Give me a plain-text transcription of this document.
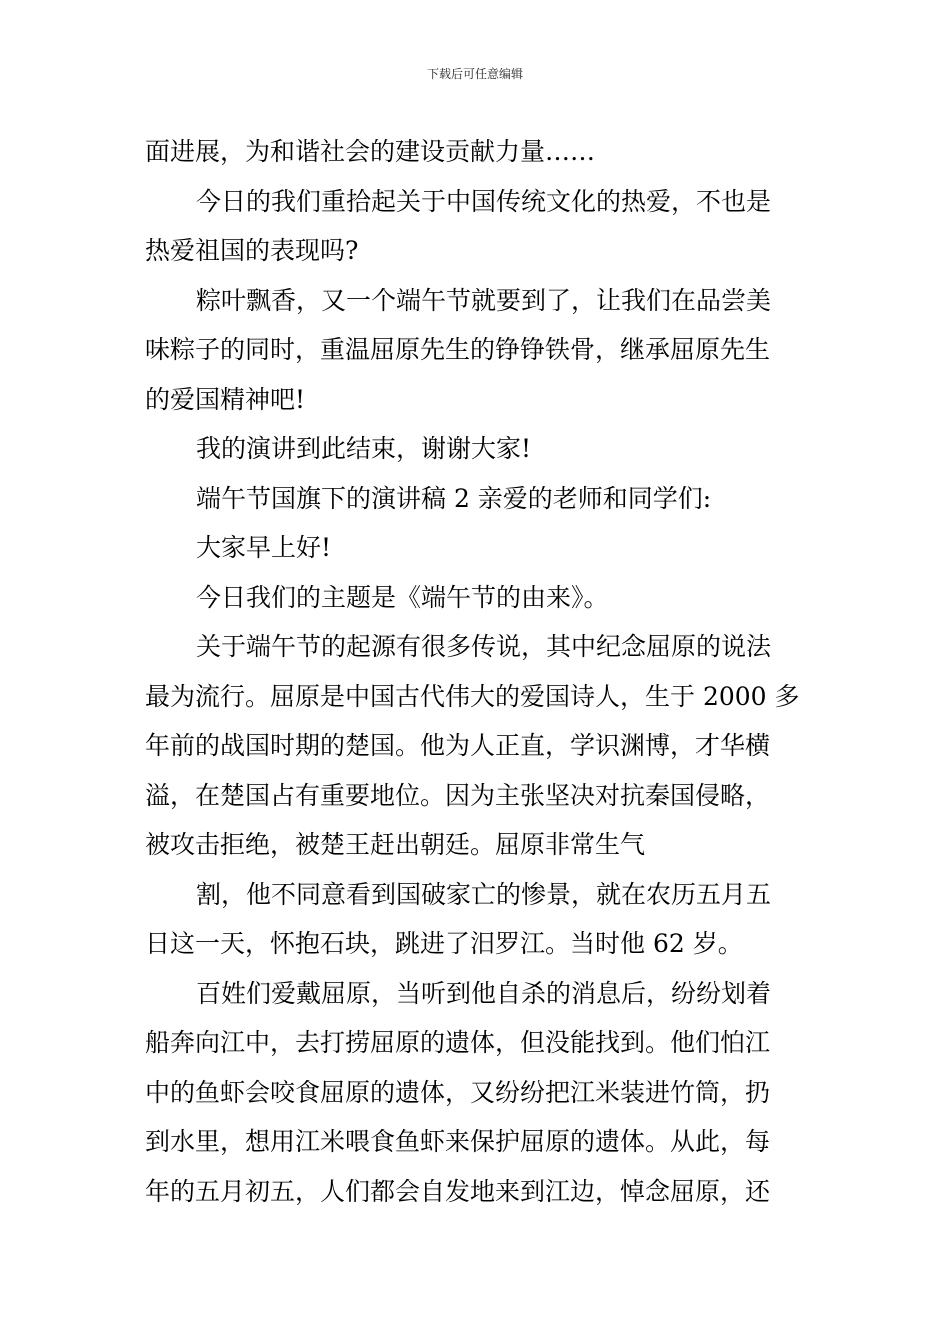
下载后可任意编辑
面进展，为和谐社会的建设贡献力量……
今日的我们重拾起关于中国传统文化的热爱，不也是
热爱祖国的表现吗?
粽叶飘香，又一个端午节就要到了，让我们在品尝美
味粽子的同时，重温屈原先生的铮铮铁骨，继承屈原先生
的爱国精神吧!
我的演讲到此结束，谢谢大家!
端午节国旗下的演讲稿 2 亲爱的老师和同学们:
大家早上好!
今日我们的主题是《端午节的由来》。
关于端午节的起源有很多传说，其中纪念屈原的说法
最为流行。屈原是中国古代伟大的爱国诗人，生于 2000 多
年前的战国时期的楚国。他为人正直，学识渊博，才华横
溢，在楚国占有重要地位。因为主张坚决对抗秦国侵略，
被攻击拒绝，被楚王赶出朝廷。屈原非常生气
割，他不同意看到国破家亡的惨景，就在农历五月五
日这一天，怀抱石块，跳进了汨罗江。当时他 62 岁。
百姓们爱戴屈原，当听到他自杀的消息后，纷纷划着
船奔向江中，去打捞屈原的遗体，但没能找到。他们怕江
中的鱼虾会咬食屈原的遗体，又纷纷把江米装进竹筒，扔
到水里，想用江米喂食鱼虾来保护屈原的遗体。从此，每
年的五月初五，人们都会自发地来到江边，悼念屈原，还
